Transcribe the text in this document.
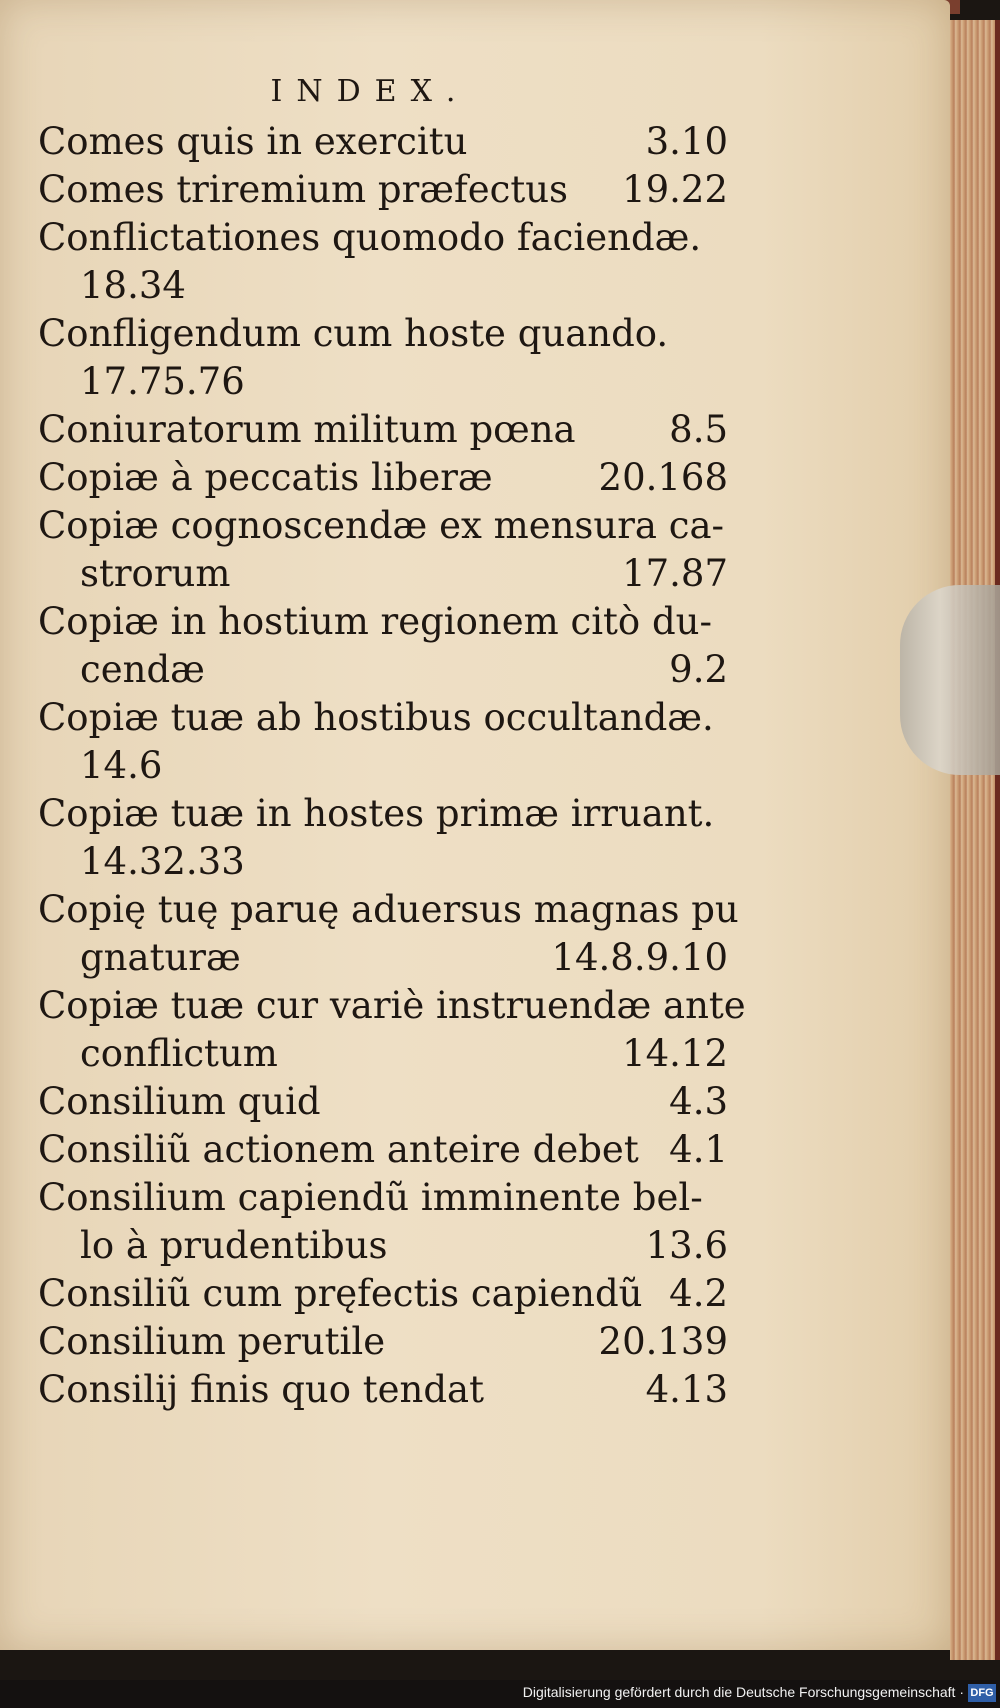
INDEX.
Comes quis in exercitu	3.10
Comes triremium præfectus	19.22
Conflictationes quomodo faciendæ.
18.34
Confligendum cum hoste quando.
17.75.76
Coniuratorum militum pœna	8.5
Copiæ à peccatis liberæ	20.168
Copiæ cognoscendæ ex mensura ca-
strorum	17.87
Copiæ in hostium regionem citò du-
cendæ	9.2
Copiæ tuæ ab hostibus occultandæ.
14.6
Copiæ tuæ in hostes primæ irruant.
14.32.33
Copię tuę paruę aduersus magnas pu
gnaturæ	14.8.9.10
Copiæ tuæ cur variè instruendæ ante
conflictum	14.12
Consilium quid	4.3
Consiliũ actionem anteire debet 4.1
Consilium capiendũ imminente bel-
lo à prudentibus	13.6
Consiliũ cum pręfectis capiendũ 4.2
Consilium perutile	20.139
Consilij finis quo tendat	4.13
Digitalisierung gefördert durch die Deutsche Forschungsgemeinschaft · DFG
